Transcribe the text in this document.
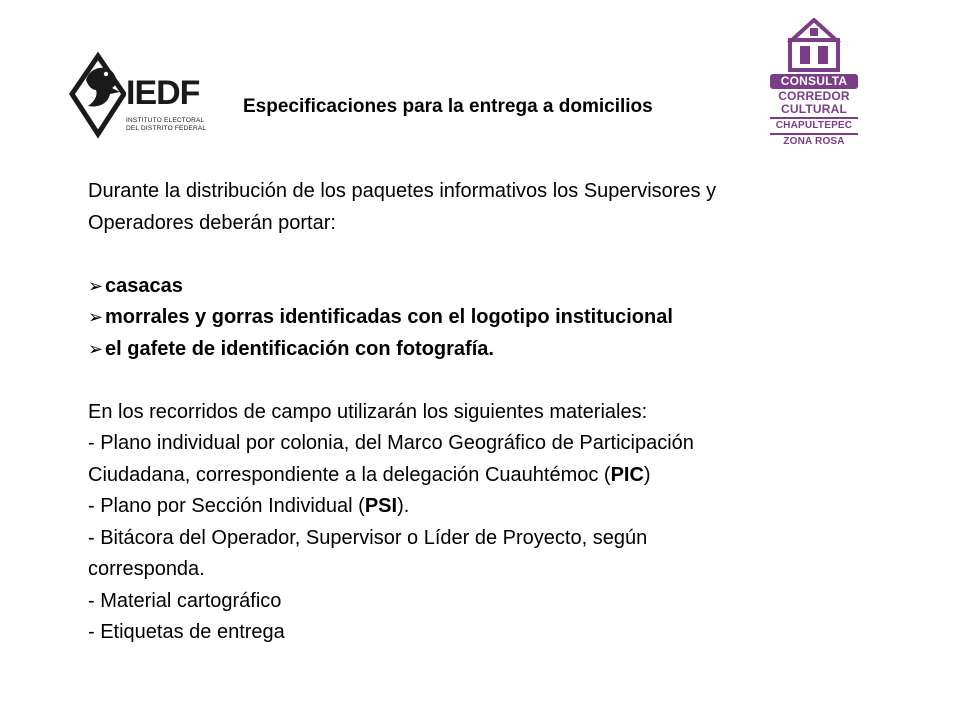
IEDF
INSTITUTO ELECTORAL
DEL DISTRITO FEDERAL
Especificaciones para la entrega a domicilios
CONSULTA
CORREDOR
CULTURAL
CHAPULTEPEC
ZONA ROSA

Durante la distribución de los paquetes informativos los Supervisores y

Operadores deberán portar:

➢casacas
➢morrales y gorras identificadas con el logotipo institucional
➢el gafete de identificación con fotografía.

En los recorridos de campo utilizarán los siguientes materiales:

- Plano individual por colonia, del Marco Geográfico de Participación

Ciudadana, correspondiente a la delegación Cuauhtémoc (PIC)

- Plano por Sección Individual (PSI).

- Bitácora del Operador, Supervisor o Líder de Proyecto, según

corresponda.

- Material cartográfico

- Etiquetas de entrega
